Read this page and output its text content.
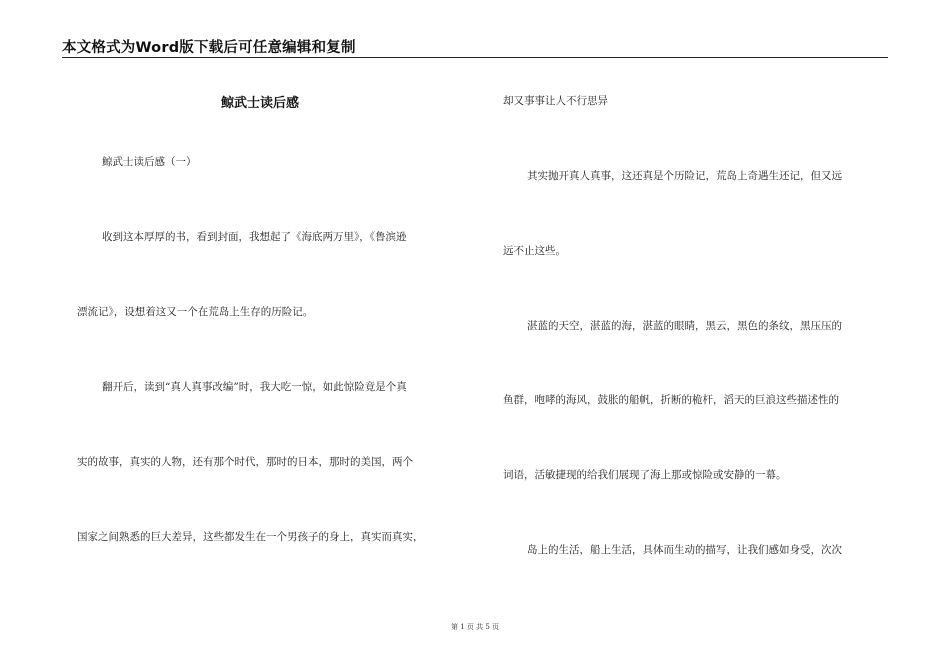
本文格式为Word版下载后可任意编辑和复制
鲸武士读后感
鲸武士读后感（一）
收到这本厚厚的书，看到封面，我想起了《海底两万里》，《鲁滨逊
漂流记》，设想着这又一个在荒岛上生存的历险记。
翻开后，读到“真人真事改编”时，我大吃一惊，如此惊险竟是个真
实的故事，真实的人物，还有那个时代，那时的日本，那时的美国，两个
国家之间熟悉的巨大差异，这些都发生在一个男孩子的身上，真实而真实，
却又事事让人不行思异
其实抛开真人真事，这还真是个历险记，荒岛上奇遇生还记，但又远
远不止这些。
湛蓝的天空，湛蓝的海，湛蓝的眼睛，黑云，黑色的条纹，黑压压的
鱼群，咆哮的海风，鼓胀的船帆，折断的桅杆，滔天的巨浪这些描述性的
词语，活敏捷现的给我们展现了海上那或惊险或安静的一幕。
岛上的生活，船上生活，具体而生动的描写，让我们感如身受，次次
第 1 页 共 5 页
